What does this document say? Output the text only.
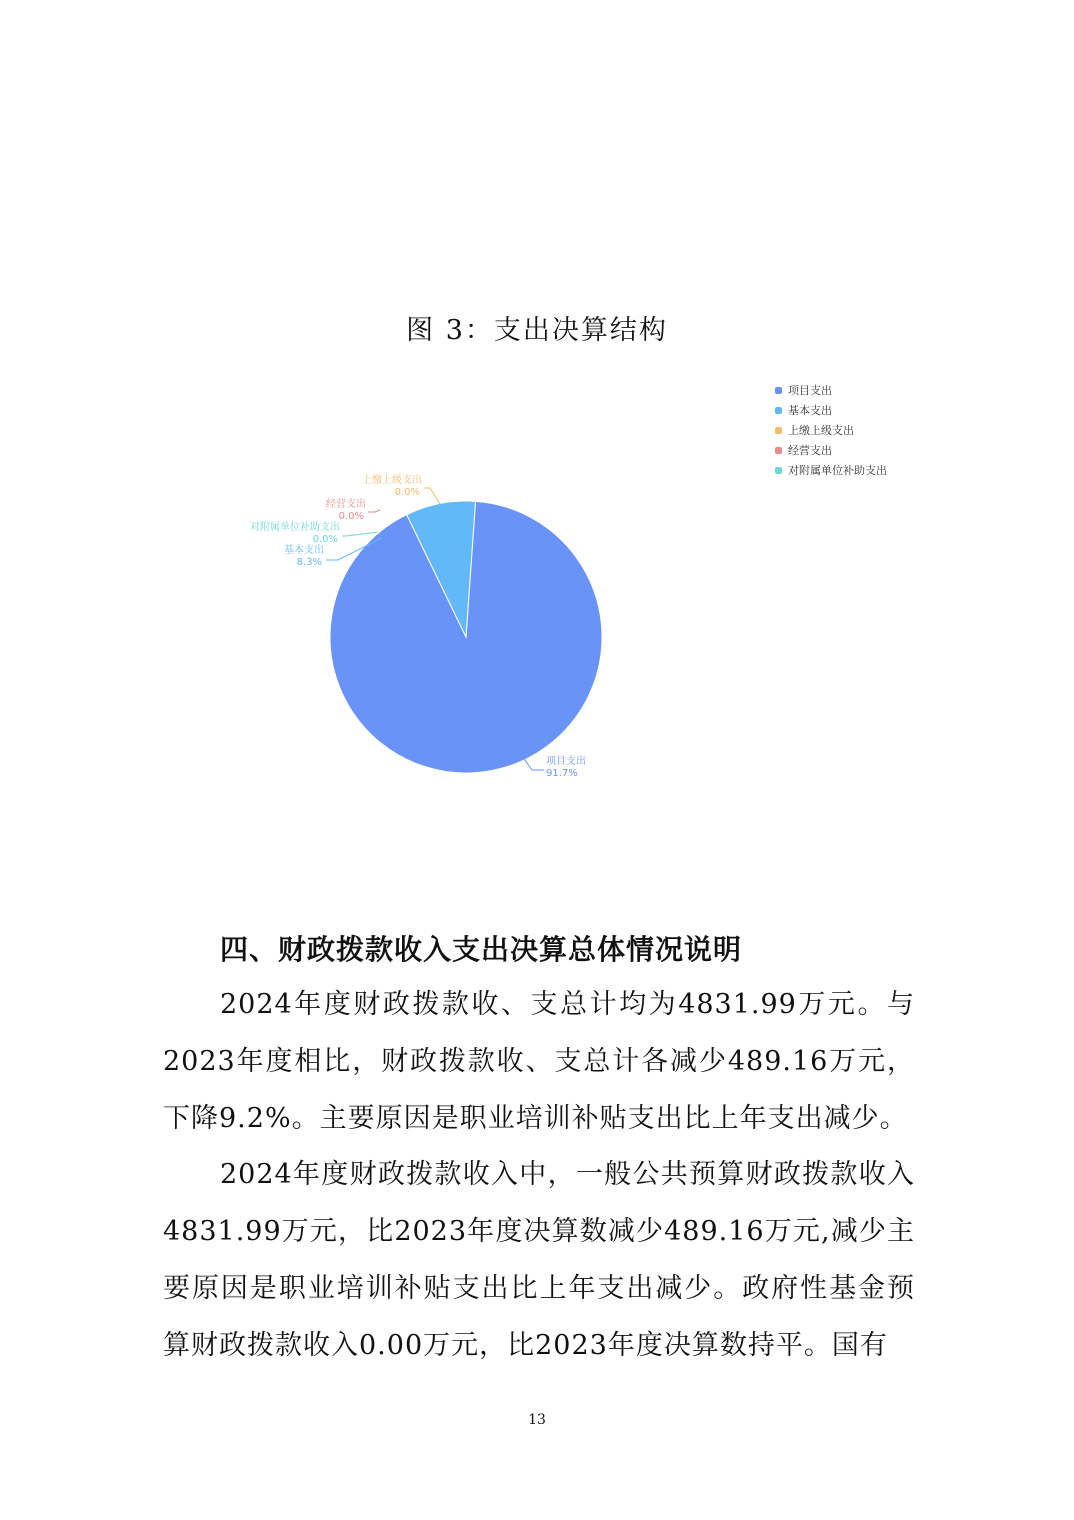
图 3：支出决算结构
项目支出
91.7%
基本支出
8.3%
上缴上级支出
0.0%
经营支出
0.0%
对附属单位补助支出
0.0%
项目支出
基本支出
上缴上级支出
经营支出
对附属单位补助支出
四、财政拨款收入支出决算总体情况说明
2024年度财政拨款收、支总计均为4831.99万元。与2023年度相比，财政拨款收、支总计各减少489.16万元，下降9.2%。主要原因是职业培训补贴支出比上年支出减少。
2024年度财政拨款收入中，一般公共预算财政拨款收入4831.99万元，比2023年度决算数减少489.16万元,减少主要原因是职业培训补贴支出比上年支出减少。政府性基金预算财政拨款收入0.00万元，比2023年度决算数持平。国有
13
